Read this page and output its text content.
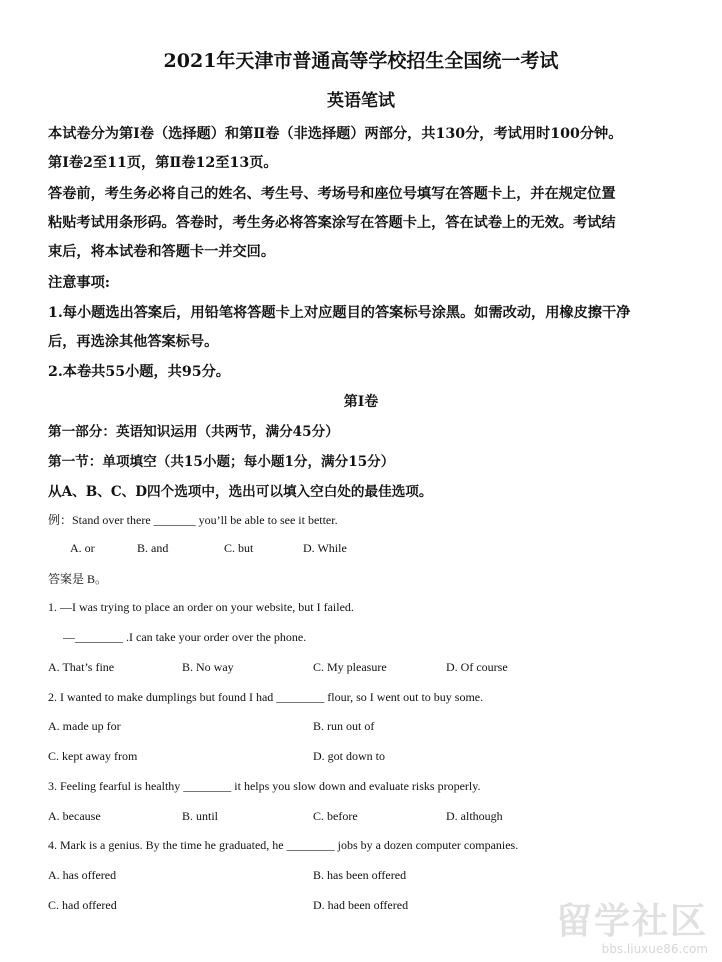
2021年天津市普通高等学校招生全国统一考试
英语笔试
本试卷分为第Ⅰ卷（选择题）和第Ⅱ卷（非选择题）两部分，共130分，考试用时100分钟。
第Ⅰ卷2至11页，第Ⅱ卷12至13页。
答卷前，考生务必将自己的姓名、考生号、考场号和座位号填写在答题卡上，并在规定位置
粘贴考试用条形码。答卷时，考生务必将答案涂写在答题卡上，答在试卷上的无效。考试结
束后，将本试卷和答题卡一并交回。
注意事项:
1.每小题选出答案后，用铅笔将答题卡上对应题目的答案标号涂黑。如需改动，用橡皮擦干净
后，再选涂其他答案标号。
2.本卷共55小题，共95分。
第Ⅰ卷
第一部分：英语知识运用（共两节，满分45分）
第一节：单项填空（共15小题；每小题1分，满分15分）
从A、B、C、D四个选项中，选出可以填入空白处的最佳选项。
例：Stand over there _______ you’ll be able to see it better.
A. or	B. and	C. but	D. While
答案是 B。
1. —I was trying to place an order on your website, but I failed.
—________ .I can take your order over the phone.
A. That’s fine	B. No way	C. My pleasure	D. Of course
2. I wanted to make dumplings but found I had ________ flour, so I went out to buy some.
A. made up for	B. run out of
C. kept away from	D. got down to
3. Feeling fearful is healthy ________ it helps you slow down and evaluate risks properly.
A. because	B. until	C. before	D. although
4. Mark is a genius. By the time he graduated, he ________ jobs by a dozen computer companies.
A. has offered	B. has been offered
C. had offered	D. had been offered	留学社区
bbs.liuxue86.com
